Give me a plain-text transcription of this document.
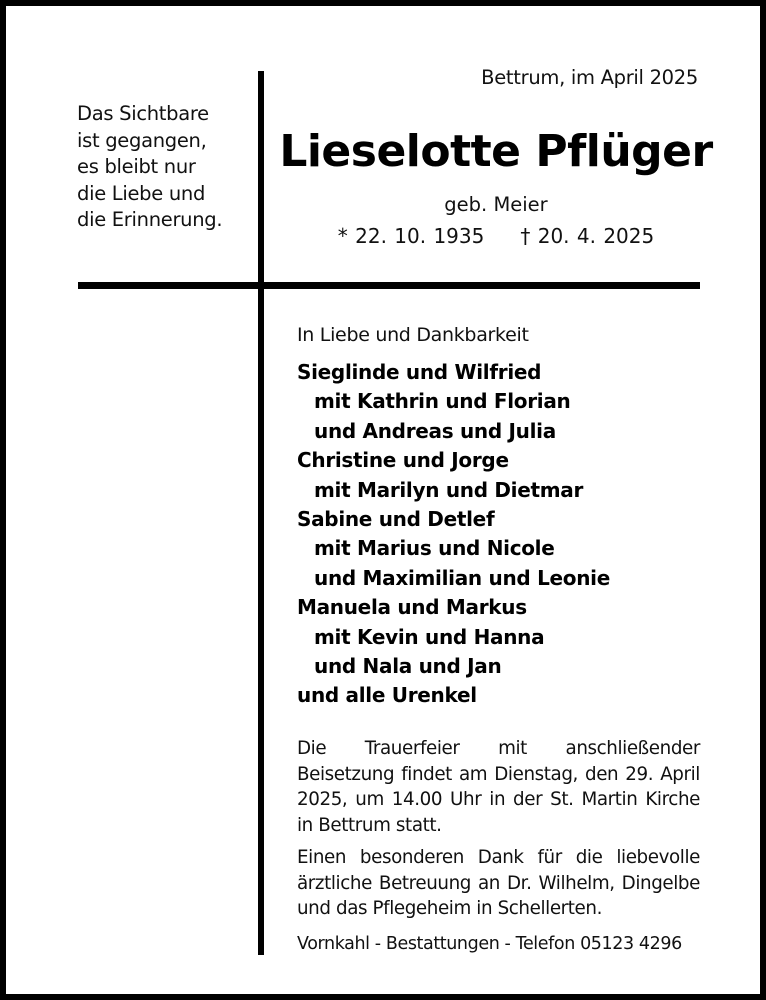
Das Sichtbare
ist gegangen,
es bleibt nur
die Liebe und
die Erinnerung.
Bettrum, im April 2025
Lieselotte Pflüger
geb. Meier
* 22. 10. 1935 † 20. 4. 2025
In Liebe und Dankbarkeit
Sieglinde und Wilfried
mit Kathrin und Florian
und Andreas und Julia
Christine und Jorge
mit Marilyn und Dietmar
Sabine und Detlef
mit Marius und Nicole
und Maximilian und Leonie
Manuela und Markus
mit Kevin und Hanna
und Nala und Jan
und alle Urenkel

Die Trauerfeier mit anschließender Beisetzung findet am Dienstag, den 29. April 2025, um 14.00 Uhr in der St. Martin Kirche in Bettrum statt.

Einen besonderen Dank für die liebevolle ärztliche Betreuung an Dr. Wilhelm, Dingelbe und das Pflegeheim in Schellerten.

Vornkahl - Bestattungen - Telefon 05123 4296
